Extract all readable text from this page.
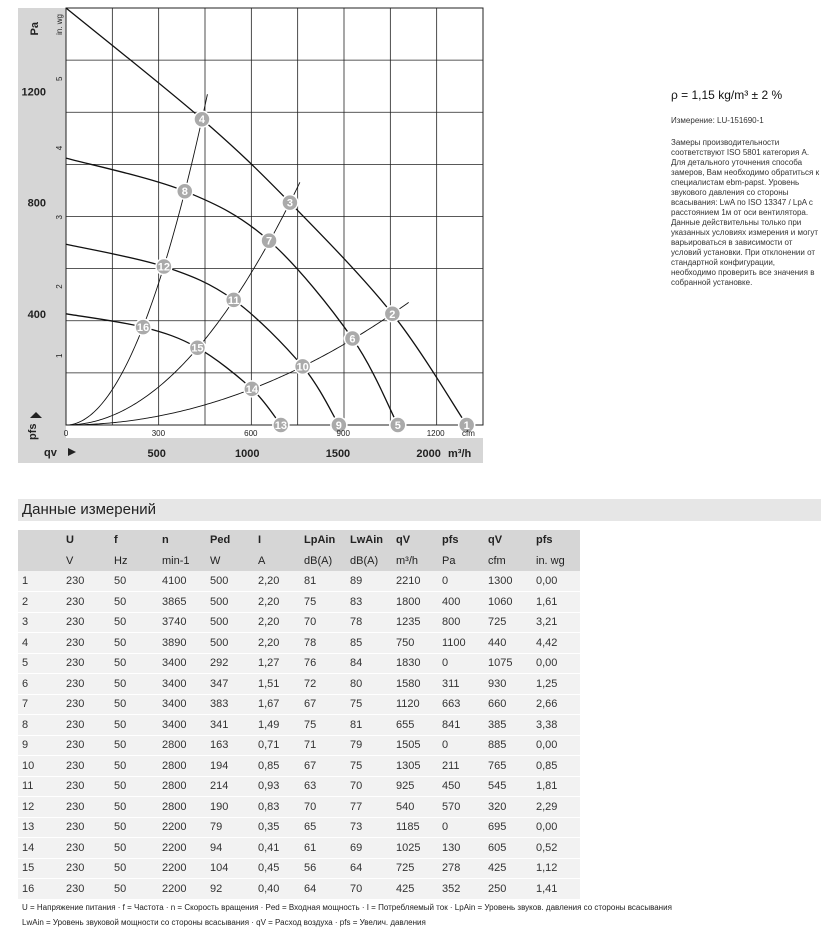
1
2
3
4
5
6
7
8
9
10
11
12
13
14
15
16
Pa in. wg
pfs
qv	m³/h
cfm
1200
800
400
5
4
3
2
1
0	300	600	900	1200
500	1000	1500	2000
ρ = 1,15 kg/m³ ± 2 %
Измерение: LU-151690-1
Замеры производительности соответствуют ISO 5801 категория А. Для детального уточнения способа замеров, Вам необходимо обратиться к специалистам ebm-papst. Уровень звукового давления со стороны всасывания: LwA по ISO 13347 / LpA с расстоянием 1м от оси вентилятора. Данные действительны только при указанных условиях измерения и могут варьироваться в зависимости от условий установки. При отклонении от стандартной конфигурации, необходимо проверить все значения в собранной установке.
Данные измерений
	U	f	n	Ped	I	LpAin	LwAin	qV	pfs	qV	pfs
	V	Hz	min-1	W	A	dB(A)	dB(A)	m³/h	Pa	cfm	in. wg
1	230	50	4100	500	2,20	81	89	2210	0	1300	0,00
2	230	50	3865	500	2,20	75	83	1800	400	1060	1,61
3	230	50	3740	500	2,20	70	78	1235	800	725	3,21
4	230	50	3890	500	2,20	78	85	750	1100	440	4,42
5	230	50	3400	292	1,27	76	84	1830	0	1075	0,00
6	230	50	3400	347	1,51	72	80	1580	311	930	1,25
7	230	50	3400	383	1,67	67	75	1120	663	660	2,66
8	230	50	3400	341	1,49	75	81	655	841	385	3,38
9	230	50	2800	163	0,71	71	79	1505	0	885	0,00
10	230	50	2800	194	0,85	67	75	1305	211	765	0,85
11	230	50	2800	214	0,93	63	70	925	450	545	1,81
12	230	50	2800	190	0,83	70	77	540	570	320	2,29
13	230	50	2200	79	0,35	65	73	1185	0	695	0,00
14	230	50	2200	94	0,41	61	69	1025	130	605	0,52
15	230	50	2200	104	0,45	56	64	725	278	425	1,12
16	230	50	2200	92	0,40	64	70	425	352	250	1,41
U = Напряжение питания · f = Частота · n = Скорость вращения · Ped = Входная мощность · I = Потребляемый ток · LpAin = Уровень звуков. давления со стороны всасывания
LwAin = Уровень звуковой мощности со стороны всасывания · qV = Расход воздуха · pfs = Увелич. давления
